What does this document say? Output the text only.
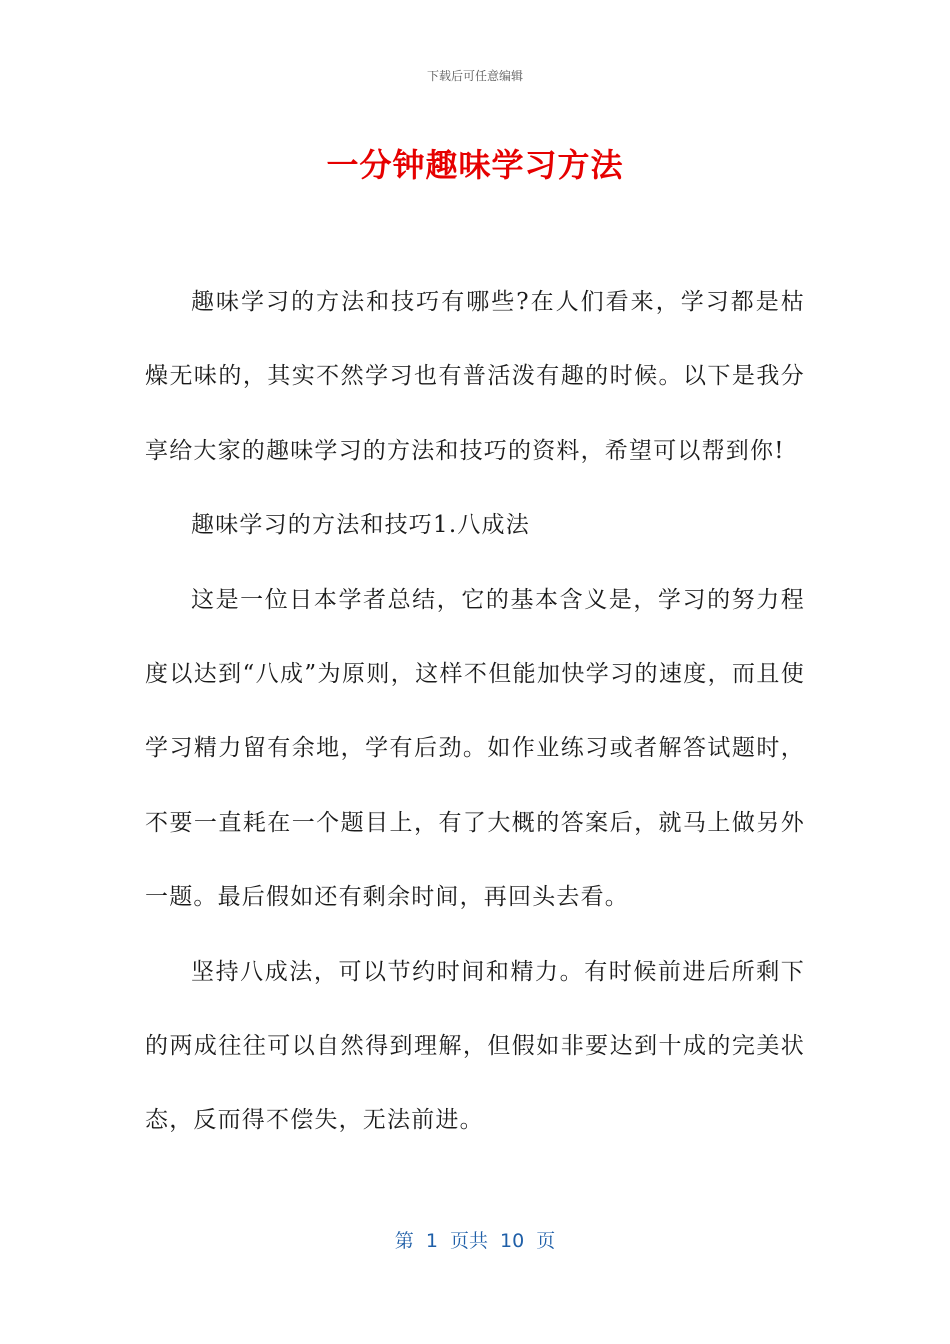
下载后可任意编辑
一分钟趣味学习方法

趣味学习的方法和技巧有哪些?在人们看来，学习都是枯燥无味的，其实不然学习也有普活泼有趣的时候。以下是我分享给大家的趣味学习的方法和技巧的资料，希望可以帮到你!

趣味学习的方法和技巧1.八成法

这是一位日本学者总结，它的基本含义是，学习的努力程度以达到“八成”为原则，这样不但能加快学习的速度，而且使学习精力留有余地，学有后劲。如作业练习或者解答试题时，不要一直耗在一个题目上，有了大概的答案后，就马上做另外一题。最后假如还有剩余时间，再回头去看。

坚持八成法，可以节约时间和精力。有时候前进后所剩下的两成往往可以自然得到理解，但假如非要达到十成的完美状态，反而得不偿失，无法前进。

第 1 页共 10 页
